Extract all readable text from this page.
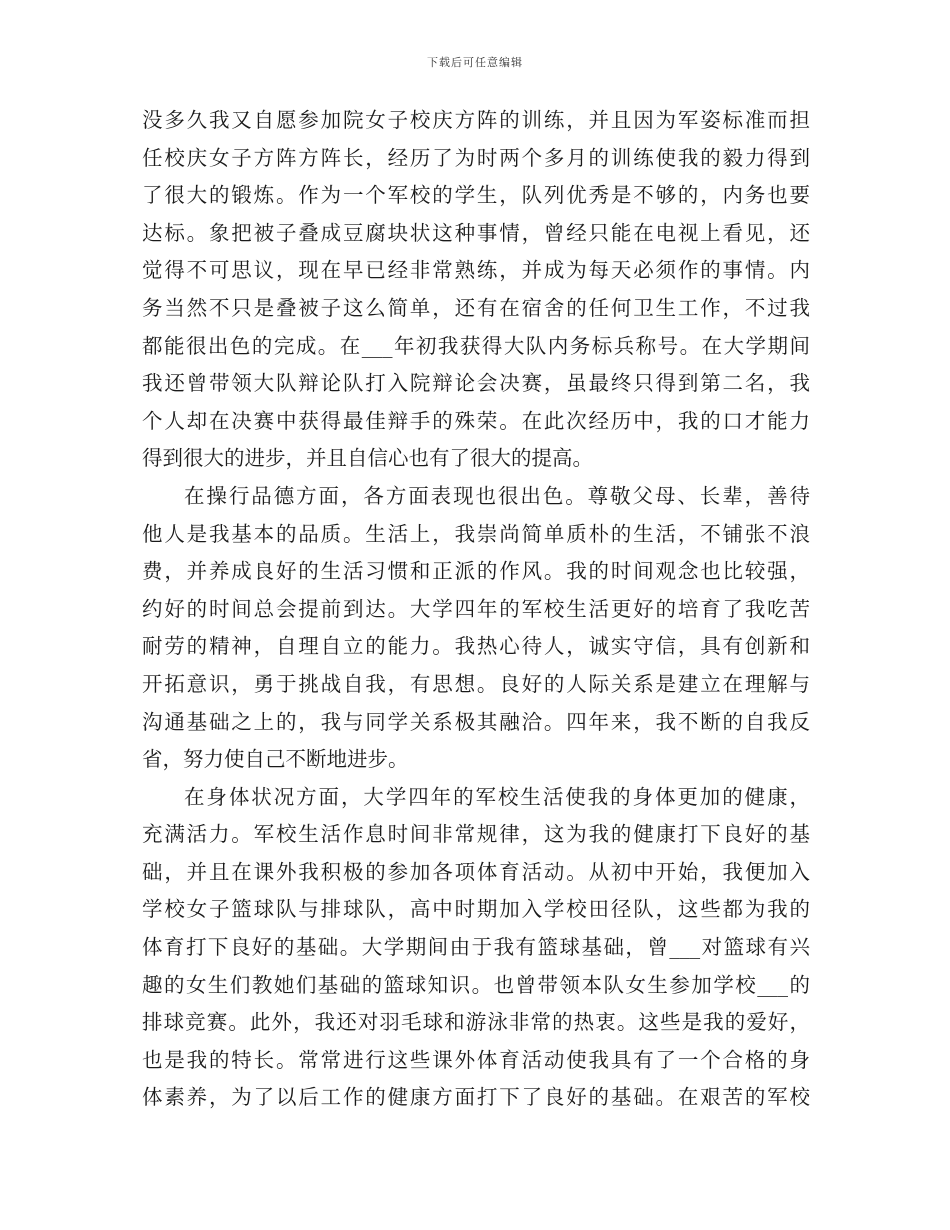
下载后可任意编辑
没多久我又自愿参加院女子校庆方阵的训练，并且因为军姿标准而担
任校庆女子方阵方阵长，经历了为时两个多月的训练使我的毅力得到
了很大的锻炼。作为一个军校的学生，队列优秀是不够的，内务也要
达标。象把被子叠成豆腐块状这种事情，曾经只能在电视上看见，还
觉得不可思议，现在早已经非常熟练，并成为每天必须作的事情。内
务当然不只是叠被子这么简单，还有在宿舍的任何卫生工作，不过我
都能很出色的完成。在___年初我获得大队内务标兵称号。在大学期间
我还曾带领大队辩论队打入院辩论会决赛，虽最终只得到第二名，我
个人却在决赛中获得最佳辩手的殊荣。在此次经历中，我的口才能力
得到很大的进步，并且自信心也有了很大的提高。
在操行品德方面，各方面表现也很出色。尊敬父母、长辈，善待
他人是我基本的品质。生活上，我崇尚简单质朴的生活，不铺张不浪
费，并养成良好的生活习惯和正派的作风。我的时间观念也比较强，
约好的时间总会提前到达。大学四年的军校生活更好的培育了我吃苦
耐劳的精神，自理自立的能力。我热心待人，诚实守信，具有创新和
开拓意识，勇于挑战自我，有思想。良好的人际关系是建立在理解与
沟通基础之上的，我与同学关系极其融洽。四年来，我不断的自我反
省，努力使自己不断地进步。
在身体状况方面，大学四年的军校生活使我的身体更加的健康，
充满活力。军校生活作息时间非常规律，这为我的健康打下良好的基
础，并且在课外我积极的参加各项体育活动。从初中开始，我便加入
学校女子篮球队与排球队，高中时期加入学校田径队，这些都为我的
体育打下良好的基础。大学期间由于我有篮球基础，曾___对篮球有兴
趣的女生们教她们基础的篮球知识。也曾带领本队女生参加学校___的
排球竞赛。此外，我还对羽毛球和游泳非常的热衷。这些是我的爱好，
也是我的特长。常常进行这些课外体育活动使我具有了一个合格的身
体素养，为了以后工作的健康方面打下了良好的基础。在艰苦的军校
